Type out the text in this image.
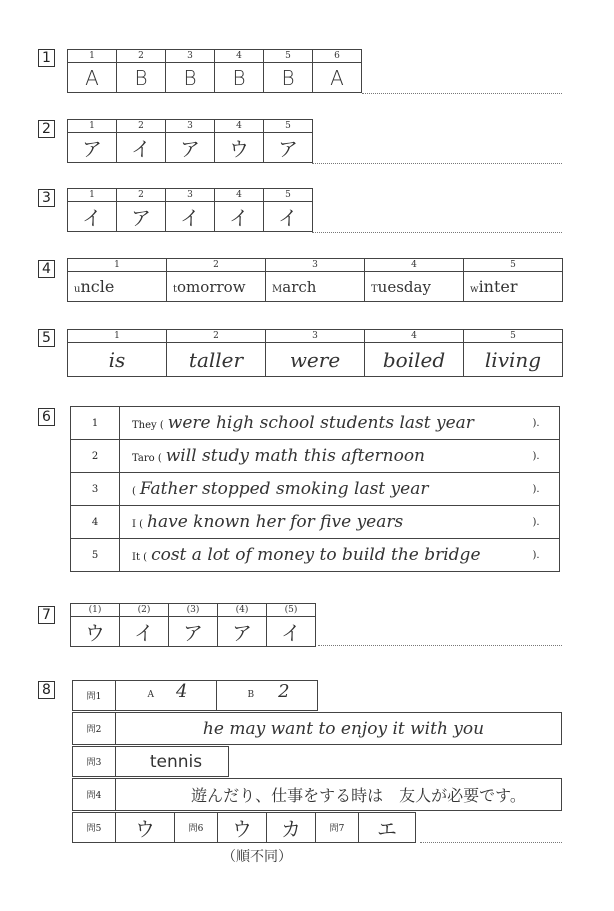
1	1	2	3	4	5	6
A	B	B	B	B	A
2	1	2	3	4	5
ア	イ	ア	ウ	ア
3	1	2	3	4	5
イ	ア	イ	イ	イ
4	1	2	3	4	5
uncle	tomorrow	March	Tuesday	winter
5	1	2	3	4	5
is	taller	were	boiled	living
6	1	They ( were high school students last year	).
2	Taro ( will study math this afternoon	).
3	( Father stopped smoking last year	).
4	I ( have known her for five years	).
5	It ( cost a lot of money to build the bridge	).
7	(1)	(2)	(3)	(4)	(5)
ウ	イ	ア	ア	イ
8	問1	A 4	B 2
問2	he may want to enjoy it with you
問3	tennis	
問4	遊んだり、仕事をする時は　友人が必要です。
問5	ウ	問6	ウ	カ	問7	エ
（順不同）
